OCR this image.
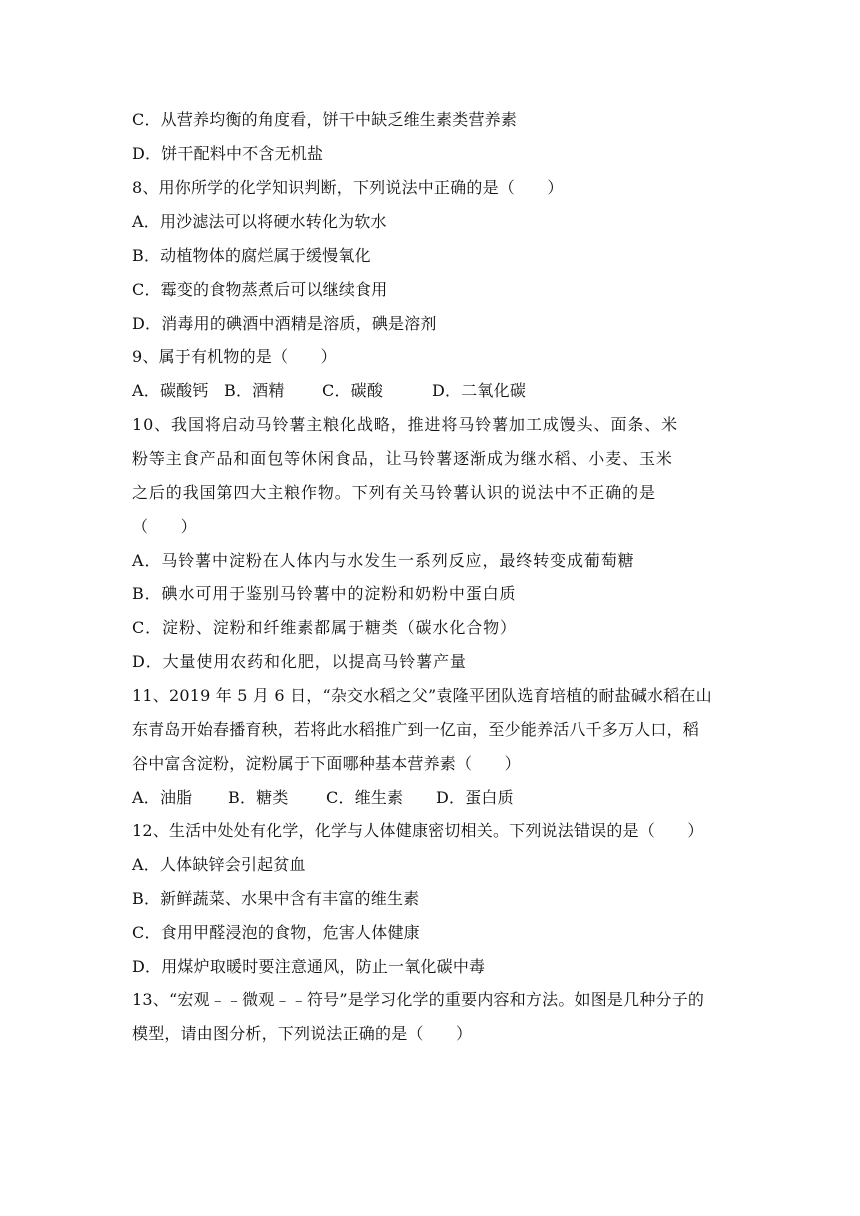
C．从营养均衡的角度看，饼干中缺乏维生素类营养素
D．饼干配料中不含无机盐
8、用你所学的化学知识判断，下列说法中正确的是（　　）
A．用沙滤法可以将硬水转化为软水
B．动植物体的腐烂属于缓慢氧化
C．霉变的食物蒸煮后可以继续食用
D．消毒用的碘酒中酒精是溶质，碘是溶剂
9、属于有机物的是（　　）
A．碳酸钙 B．酒精 C．碳酸	D．二氧化碳
10、我国将启动马铃薯主粮化战略，推进将马铃薯加工成馒头、面条、米
粉等主食产品和面包等休闲食品，让马铃薯逐渐成为继水稻、小麦、玉米
之后的我国第四大主粮作物。下列有关马铃薯认识的说法中不正确的是
（　　）
A．马铃薯中淀粉在人体内与水发生一系列反应，最终转变成葡萄糖
B．碘水可用于鉴别马铃薯中的淀粉和奶粉中蛋白质
C．淀粉、淀粉和纤维素都属于糖类（碳水化合物）
D．大量使用农药和化肥，以提高马铃薯产量
11、2019 年 5 月 6 日，“杂交水稻之父”袁隆平团队选育培植的耐盐碱水稻在山
东青岛开始春播育秧，若将此水稻推广到一亿亩，至少能养活八千多万人口，稻
谷中富含淀粉，淀粉属于下面哪种基本营养素（　　）
A．油脂 B．糖类 C．维生素 D．蛋白质
12、生活中处处有化学，化学与人体健康密切相关。下列说法错误的是（　　）
A．人体缺锌会引起贫血
B．新鲜蔬菜、水果中含有丰富的维生素
C．食用甲醛浸泡的食物，危害人体健康
D．用煤炉取暖时要注意通风，防止一氧化碳中毒
13、“宏观﹣﹣微观﹣﹣符号”是学习化学的重要内容和方法。如图是几种分子的
模型，请由图分析，下列说法正确的是（　　）
